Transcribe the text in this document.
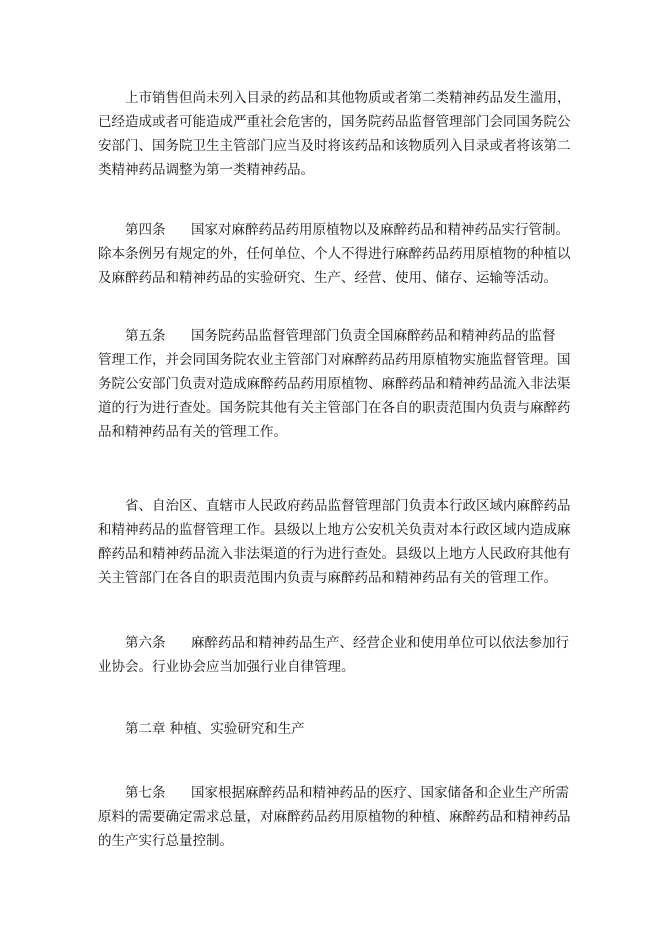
上市销售但尚未列入目录的药品和其他物质或者第二类精神药品发生滥用，
已经造成或者可能造成严重社会危害的，国务院药品监督管理部门会同国务院公
安部门、国务院卫生主管部门应当及时将该药品和该物质列入目录或者将该第二
类精神药品调整为第一类精神药品。

第四条 国家对麻醉药品药用原植物以及麻醉药品和精神药品实行管制。
除本条例另有规定的外，任何单位、个人不得进行麻醉药品药用原植物的种植以
及麻醉药品和精神药品的实验研究、生产、经营、使用、储存、运输等活动。

第五条 国务院药品监督管理部门负责全国麻醉药品和精神药品的监督
管理工作，并会同国务院农业主管部门对麻醉药品药用原植物实施监督管理。国
务院公安部门负责对造成麻醉药品药用原植物、麻醉药品和精神药品流入非法渠
道的行为进行查处。国务院其他有关主管部门在各自的职责范围内负责与麻醉药
品和精神药品有关的管理工作。

省、自治区、直辖市人民政府药品监督管理部门负责本行政区域内麻醉药品
和精神药品的监督管理工作。县级以上地方公安机关负责对本行政区域内造成麻
醉药品和精神药品流入非法渠道的行为进行查处。县级以上地方人民政府其他有
关主管部门在各自的职责范围内负责与麻醉药品和精神药品有关的管理工作。

第六条 麻醉药品和精神药品生产、经营企业和使用单位可以依法参加行
业协会。行业协会应当加强行业自律管理。

第二章 种植、实验研究和生产

第七条 国家根据麻醉药品和精神药品的医疗、国家储备和企业生产所需
原料的需要确定需求总量，对麻醉药品药用原植物的种植、麻醉药品和精神药品
的生产实行总量控制。
